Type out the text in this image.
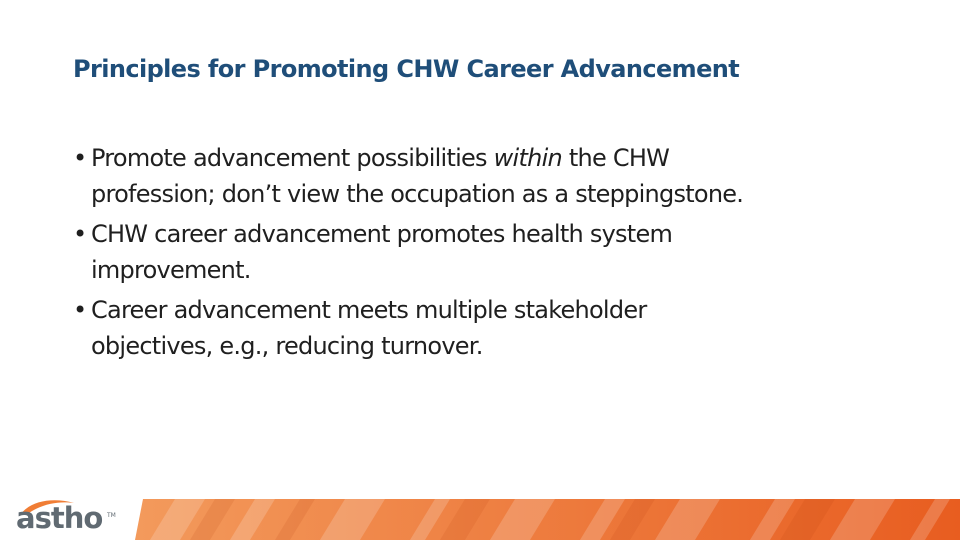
Principles for Promoting CHW Career Advancement
• Promote advancement possibilities within the CHW
profession; don’t view the occupation as a steppingstone.
• CHW career advancement promotes health system
improvement.
• Career advancement meets multiple stakeholder
objectives, e.g., reducing turnover.
astho TM
